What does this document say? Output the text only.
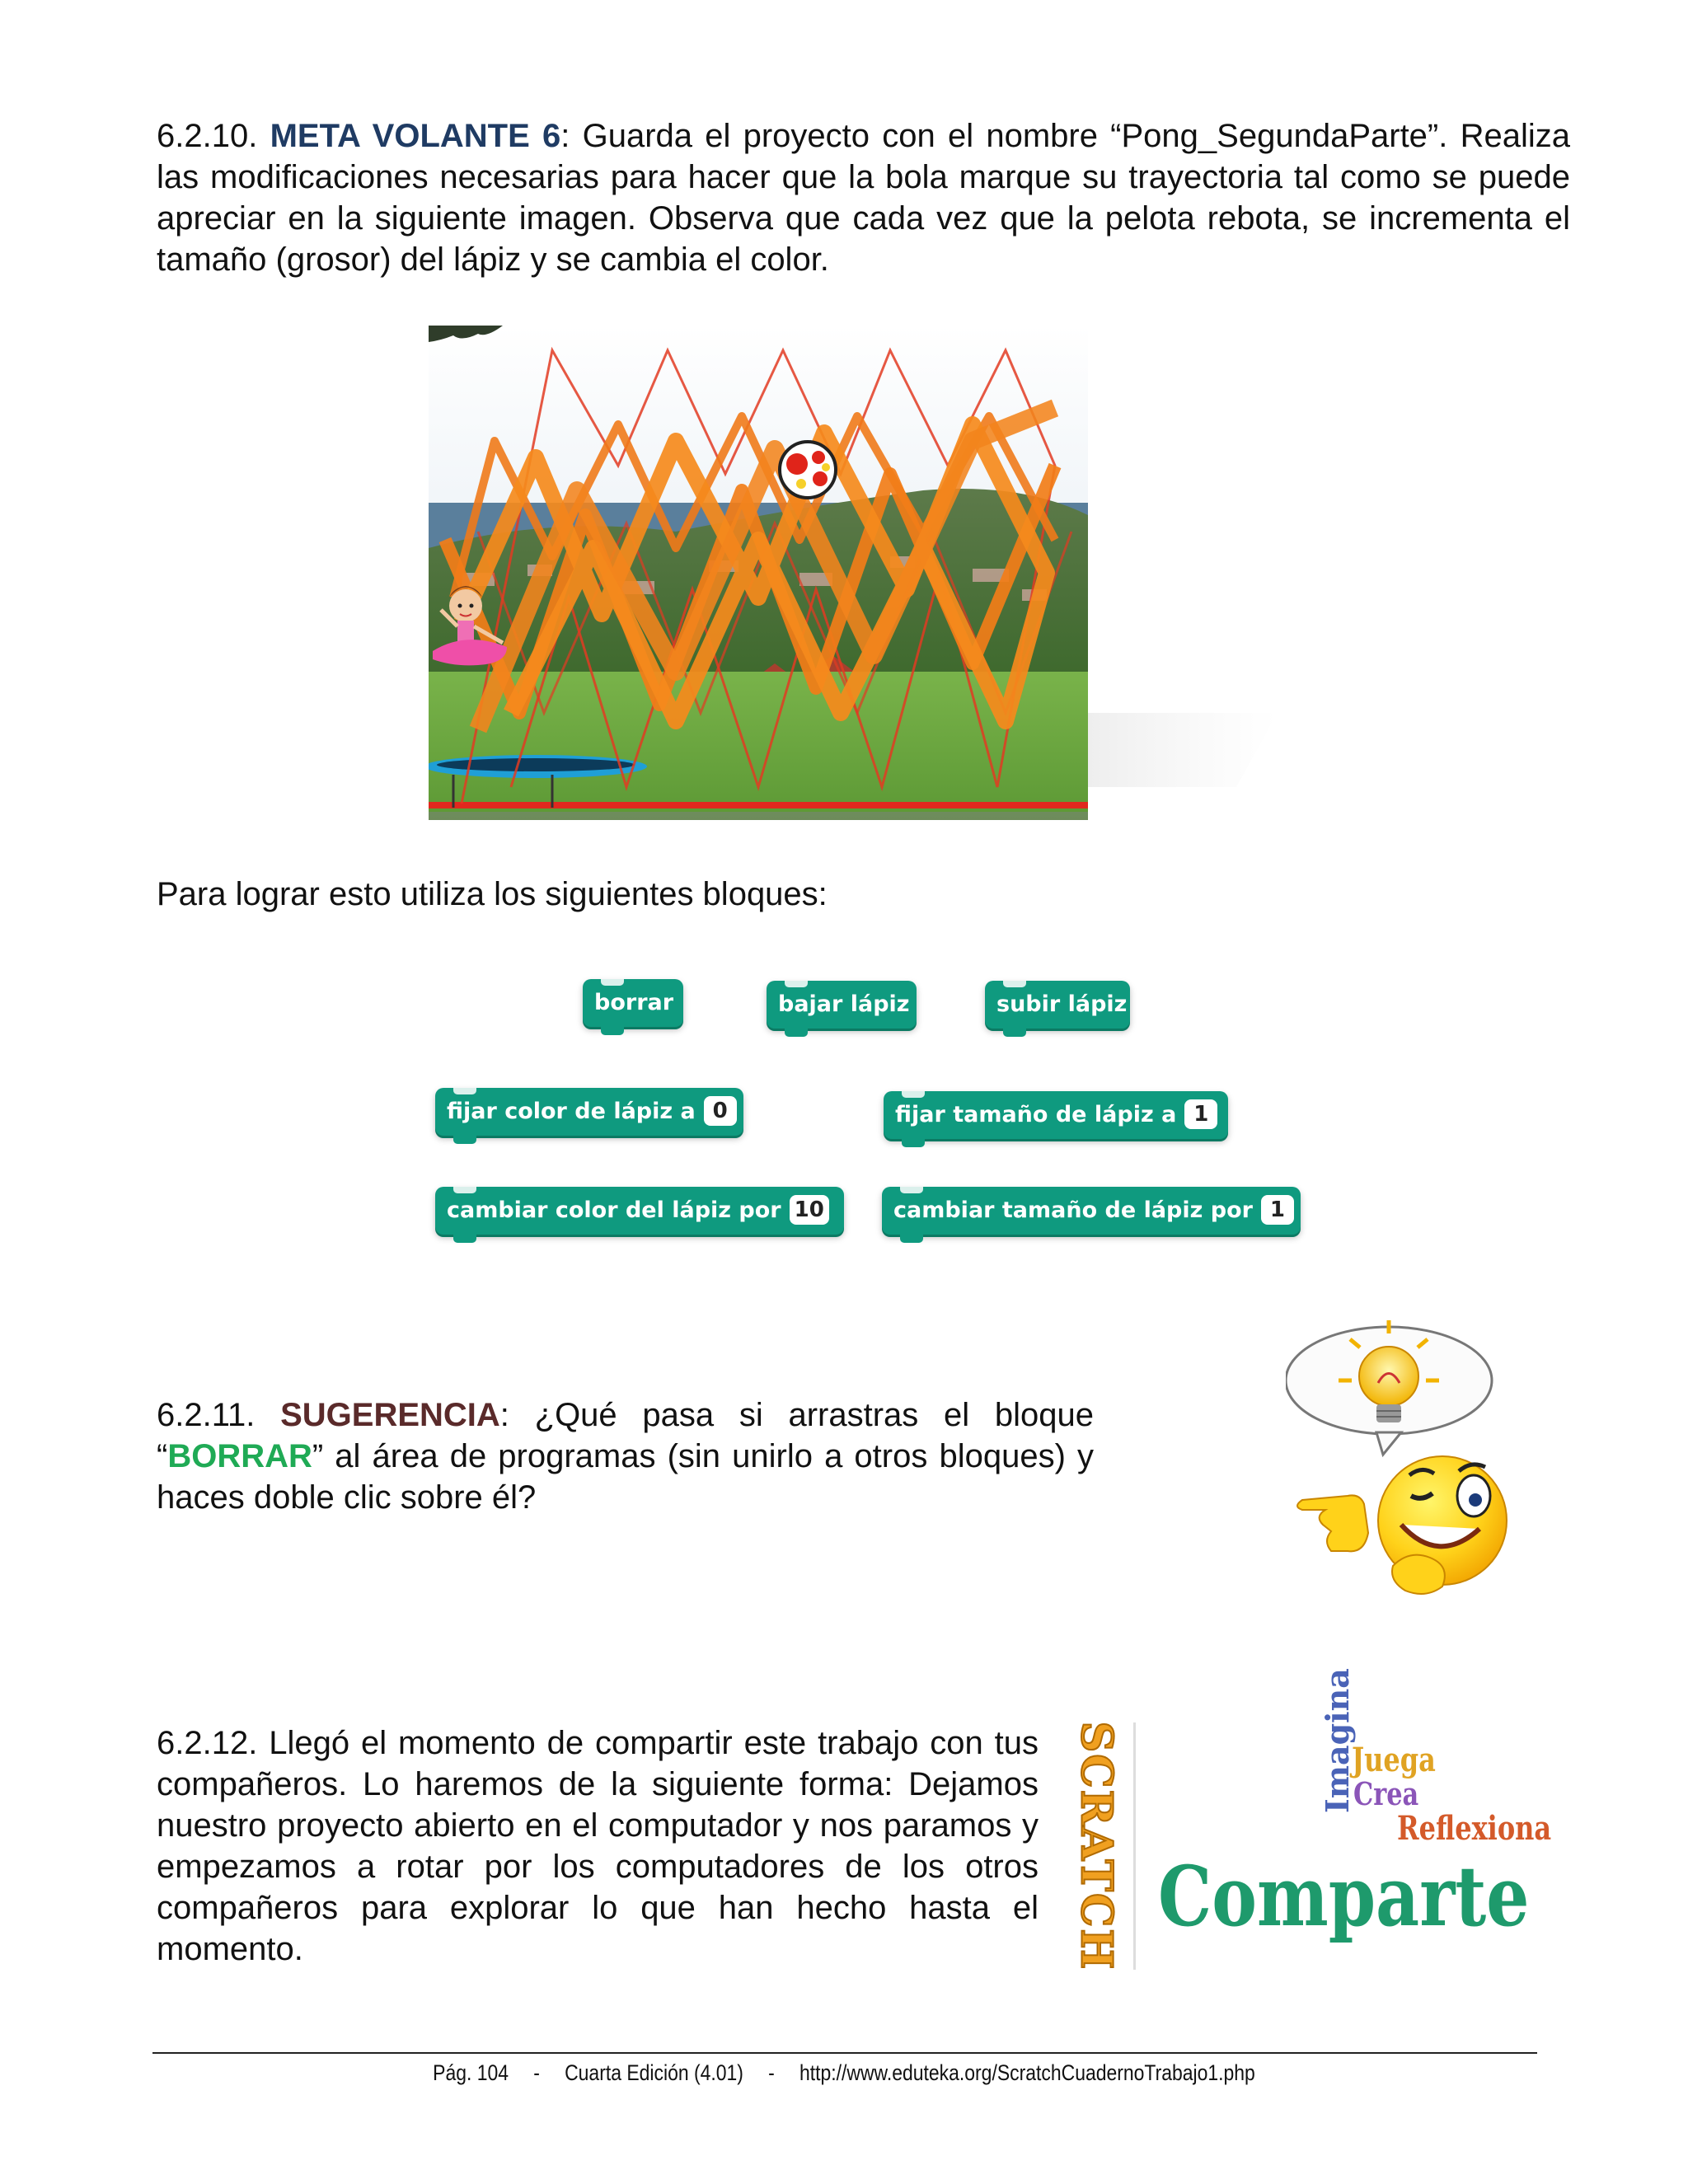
6.2.10. META VOLANTE 6: Guarda el proyecto con el nombre “Pong_SegundaParte”. Realiza las modificaciones necesarias para hacer que la bola marque su trayectoria tal como se puede apreciar en la siguiente imagen. Observa que cada vez que la pelota rebota, se incrementa el tamaño (grosor) del lápiz y se cambia el color.

Para lograr esto utiliza los siguientes bloques:

borrar	bajar lápiz	subir lápiz
fijar color de lápiz a 0	fijar tamaño de lápiz a 1
cambiar color del lápiz por 10	cambiar tamaño de lápiz por 1

6.2.11. SUGERENCIA: ¿Qué pasa si arrastras el bloque “BORRAR” al área de programas (sin unirlo a otros bloques) y haces doble clic sobre él?

6.2.12. Llegó el momento de compartir este trabajo con tus compañeros. Lo haremos de la siguiente forma: Dejamos nuestro proyecto abierto en el computador y nos paramos y empezamos a rotar por los computadores de los otros compañeros para explorar lo que han hecho hasta el momento.	SCRATCH	Imagina
Juega
Crea
Reflexiona
Comparte
Pág. 104 - Cuarta Edición (4.01) - http://www.eduteka.org/ScratchCuadernoTrabajo1.php
